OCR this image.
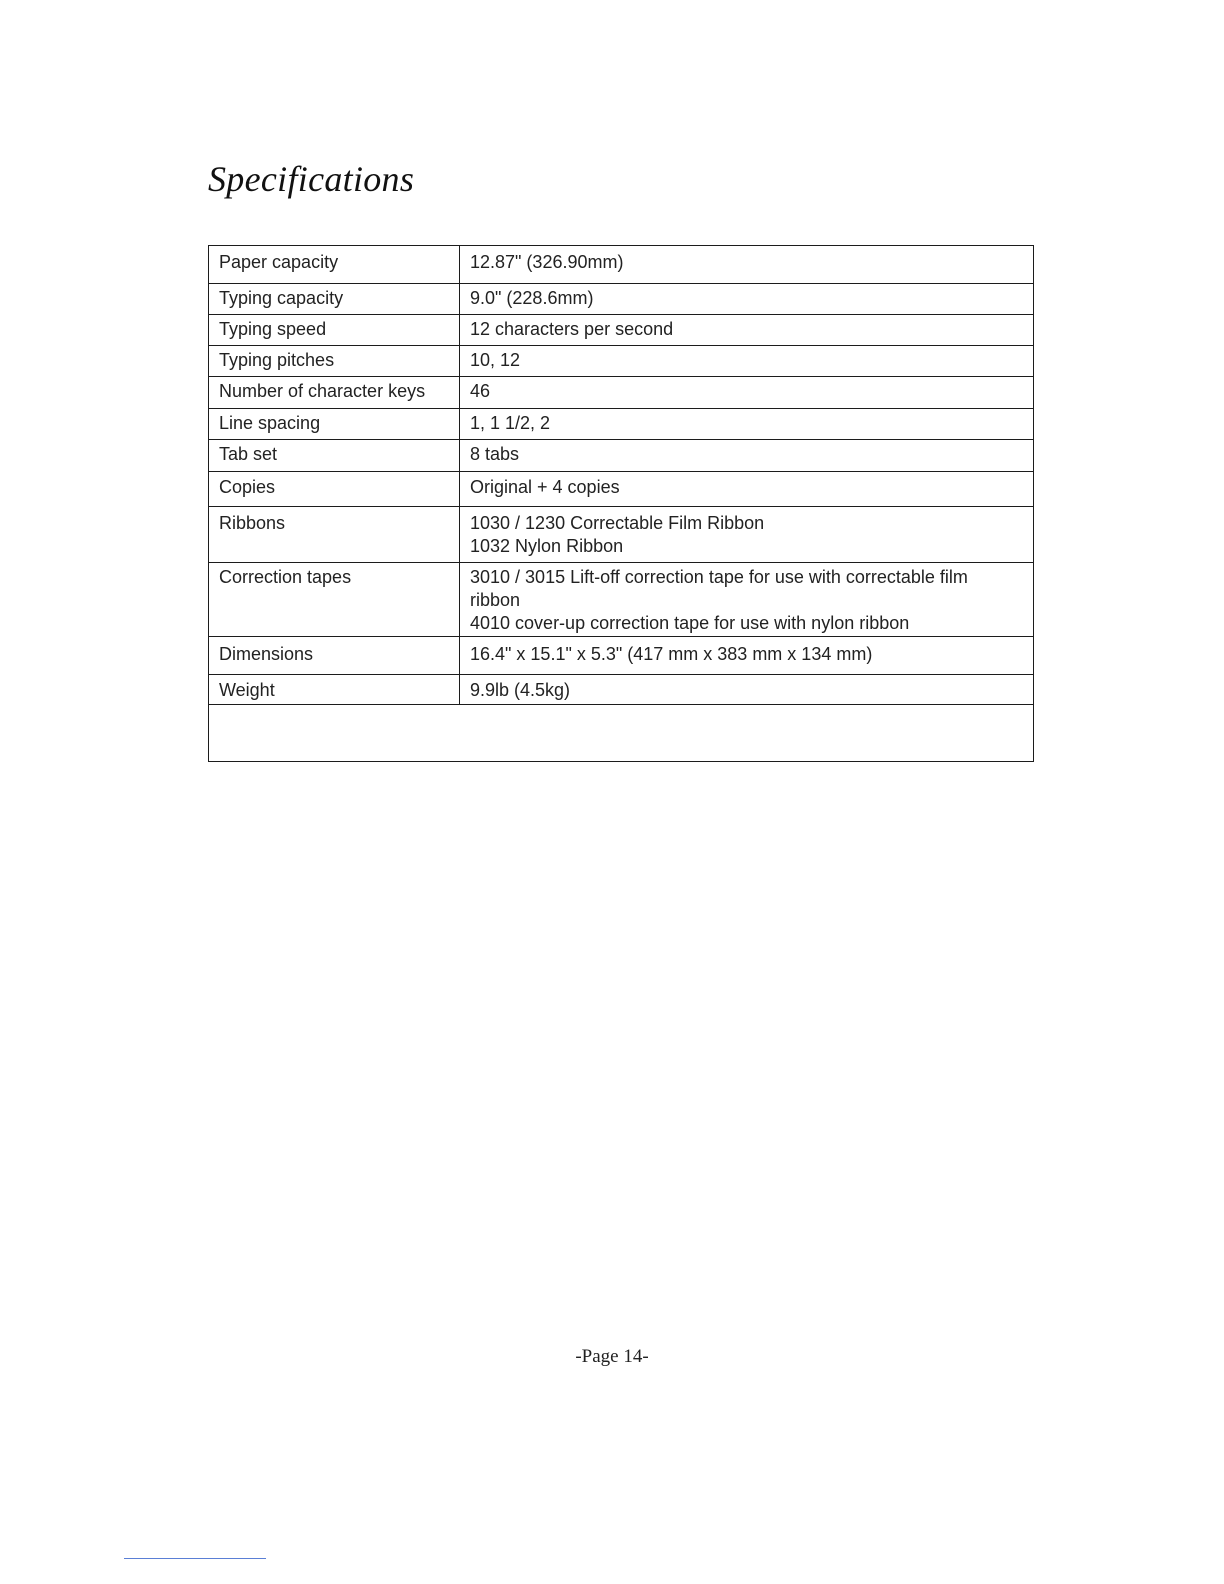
Specifications
Paper capacity	12.87" (326.90mm)

Typing capacity	9.0" (228.6mm)

Typing speed	12 characters per second

Typing pitches	10, 12

Number of character keys	46

Line spacing	1, 1 1/2, 2

Tab set	8 tabs

Copies	Original + 4 copies

Ribbons	1030 / 1230 Correctable Film Ribbon
1032 Nylon Ribbon

Correction tapes	3010 / 3015 Lift-off correction tape for use with correctable film
ribbon
4010 cover-up correction tape for use with nylon ribbon

Dimensions	16.4" x 15.1" x 5.3" (417 mm x 383 mm x 134 mm)

Weight	9.9lb (4.5kg)

-Page 14-
